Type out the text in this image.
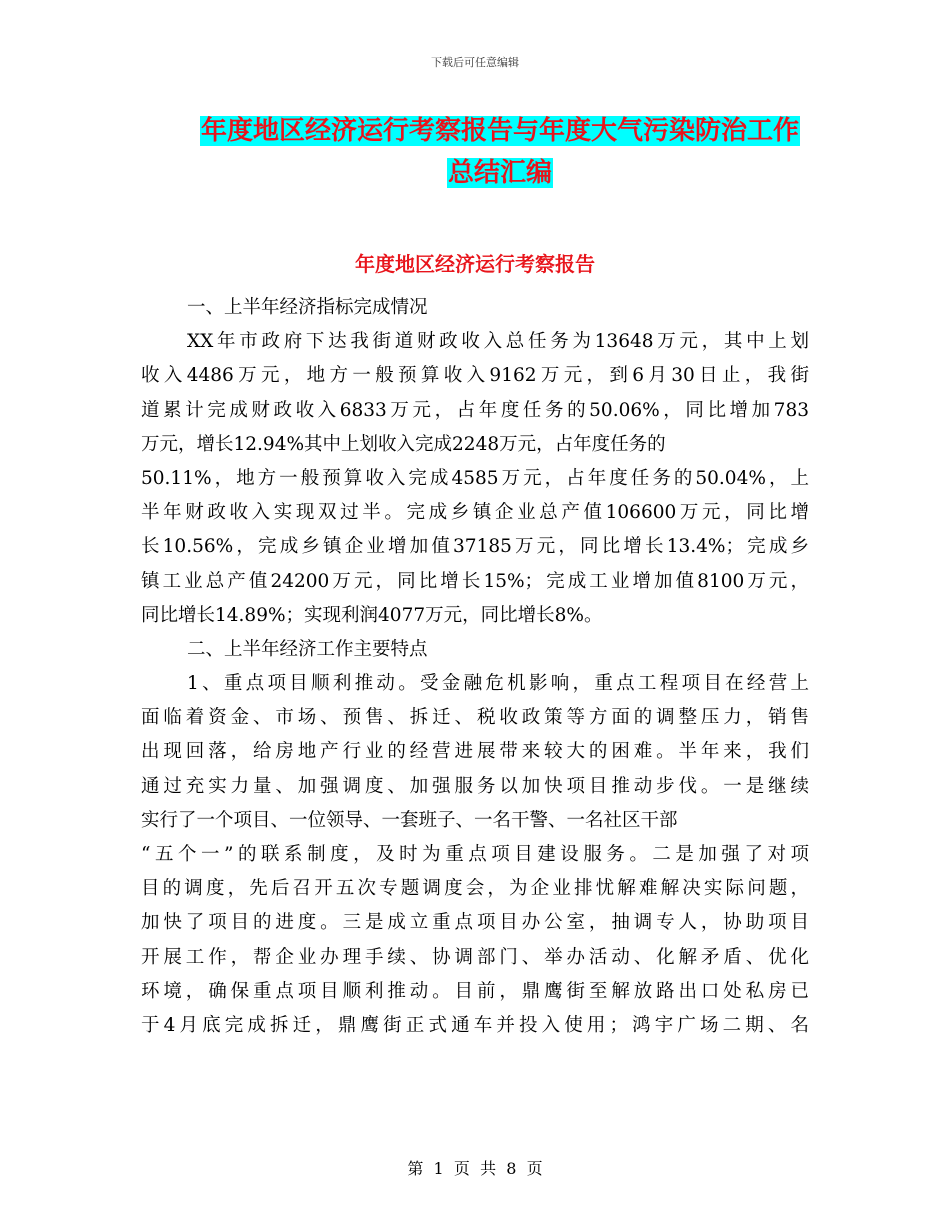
下载后可任意编辑
年度地区经济运行考察报告与年度大气污染防治工作
总结汇编
年度地区经济运行考察报告
一、上半年经济指标完成情况
XX年市政府下达我街道财政收入总任务为13648万元，其中上划
收入4486万元，地方一般预算收入9162万元，到6月30日止，我街
道累计完成财政收入6833万元，占年度任务的50.06%，同比增加783
万元，增长12.94%其中上划收入完成2248万元，占年度任务的
50.11%，地方一般预算收入完成4585万元，占年度任务的50.04%，上
半年财政收入实现双过半。完成乡镇企业总产值106600万元，同比增
长10.56%，完成乡镇企业增加值37185万元，同比增长13.4%；完成乡
镇工业总产值24200万元，同比增长15%；完成工业增加值8100万元，
同比增长14.89%；实现利润4077万元，同比增长8%。
二、上半年经济工作主要特点
1、重点项目顺利推动。受金融危机影响，重点工程项目在经营上
面临着资金、市场、预售、拆迁、税收政策等方面的调整压力，销售
出现回落，给房地产行业的经营进展带来较大的困难。半年来，我们
通过充实力量、加强调度、加强服务以加快项目推动步伐。一是继续
实行了一个项目、一位领导、一套班子、一名干警、一名社区干部
“五个一”的联系制度，及时为重点项目建设服务。二是加强了对项
目的调度，先后召开五次专题调度会，为企业排忧解难解决实际问题，
加快了项目的进度。三是成立重点项目办公室，抽调专人，协助项目
开展工作，帮企业办理手续、协调部门、举办活动、化解矛盾、优化
环境，确保重点项目顺利推动。目前，鼎鹰街至解放路出口处私房已
于4月底完成拆迁，鼎鹰街正式通车并投入使用；鸿宇广场二期、名
第 1 页 共 8 页
